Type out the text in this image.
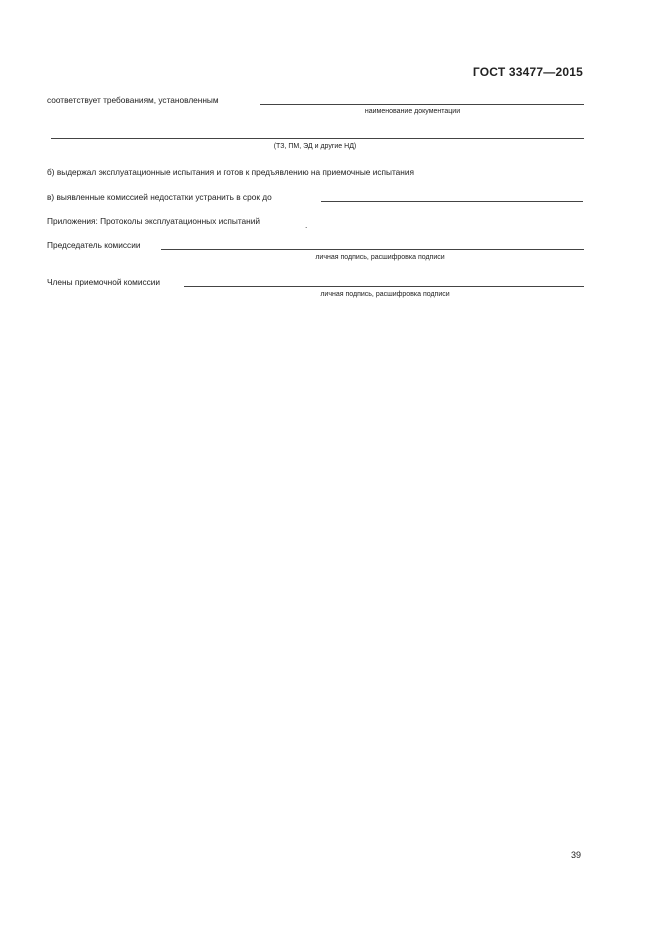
ГОСТ 33477—2015
соответствует требованиям, установленным
наименование документации
(ТЗ, ПМ, ЭД и другие НД)
б) выдержал эксплуатационные испытания и готов к предъявлению на приемочные испытания
в) выявленные комиссией недостатки устранить в срок до
Приложения: Протоколы эксплуатационных испытаний	.
Председатель комиссии
личная подпись, расшифровка подписи
Члены приемочной комиссии
личная подпись, расшифровка подписи
39
